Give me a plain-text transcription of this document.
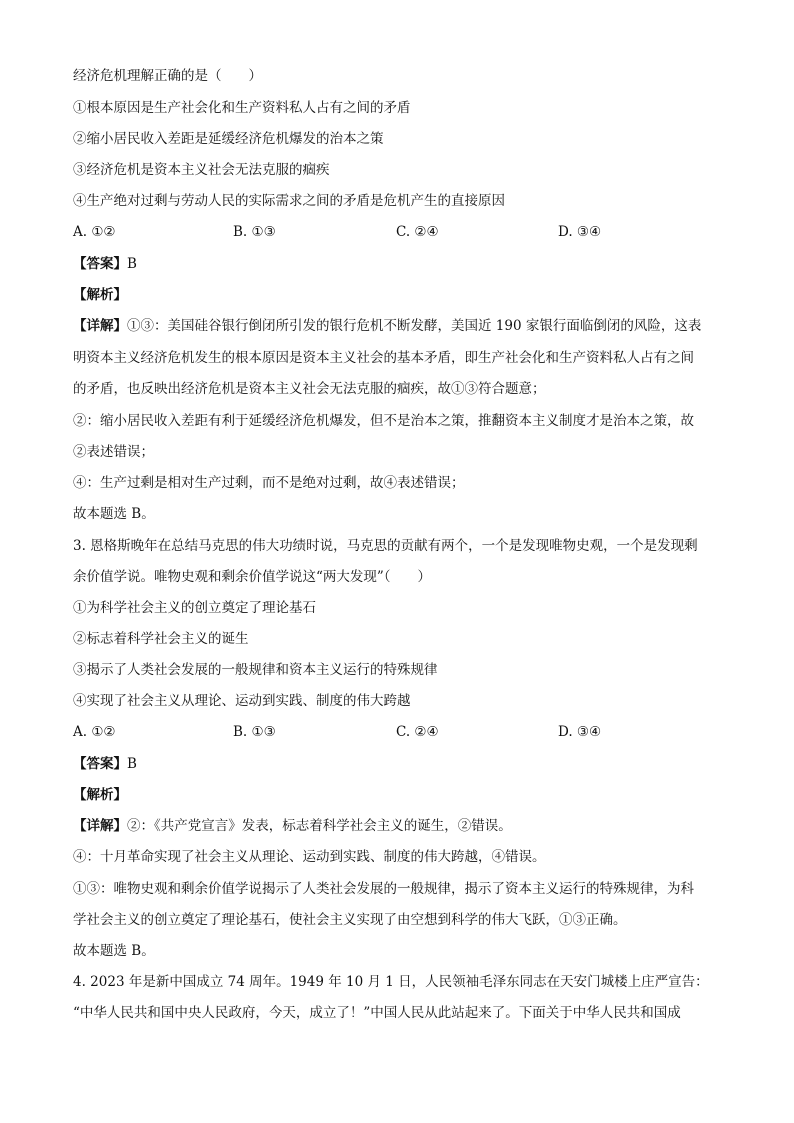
经济危机理解正确的是（　　）
①根本原因是生产社会化和生产资料私人占有之间的矛盾
②缩小居民收入差距是延缓经济危机爆发的治本之策
③经济危机是资本主义社会无法克服的痼疾
④生产绝对过剩与劳动人民的实际需求之间的矛盾是危机产生的直接原因
A. ①②	B. ①③	C. ②④	D. ③④
【答案】B
【解析】
【详解】①③：美国硅谷银行倒闭所引发的银行危机不断发酵，美国近 190 家银行面临倒闭的风险，这表
明资本主义经济危机发生的根本原因是资本主义社会的基本矛盾，即生产社会化和生产资料私人占有之间
的矛盾，也反映出经济危机是资本主义社会无法克服的痼疾，故①③符合题意；
②：缩小居民收入差距有利于延缓经济危机爆发，但不是治本之策，推翻资本主义制度才是治本之策，故
②表述错误；
④：生产过剩是相对生产过剩，而不是绝对过剩，故④表述错误；
故本题选 B。
3. 恩格斯晚年在总结马克思的伟大功绩时说，马克思的贡献有两个，一个是发现唯物史观，一个是发现剩
余价值学说。唯物史观和剩余价值学说这“两大发现”（　　）
①为科学社会主义的创立奠定了理论基石
②标志着科学社会主义的诞生
③揭示了人类社会发展的一般规律和资本主义运行的特殊规律
④实现了社会主义从理论、运动到实践、制度的伟大跨越
A. ①②	B. ①③	C. ②④	D. ③④
【答案】B
【解析】
【详解】②：《共产党宣言》发表，标志着科学社会主义的诞生，②错误。
④：十月革命实现了社会主义从理论、运动到实践、制度的伟大跨越，④错误。
①③：唯物史观和剩余价值学说揭示了人类社会发展的一般规律，揭示了资本主义运行的特殊规律，为科
学社会主义的创立奠定了理论基石，使社会主义实现了由空想到科学的伟大飞跃，①③正确。
故本题选 B。
4. 2023 年是新中国成立 74 周年。1949 年 10 月 1 日，人民领袖毛泽东同志在天安门城楼上庄严宣告：
“中华人民共和国中央人民政府，今天，成立了！”中国人民从此站起来了。下面关于中华人民共和国成
